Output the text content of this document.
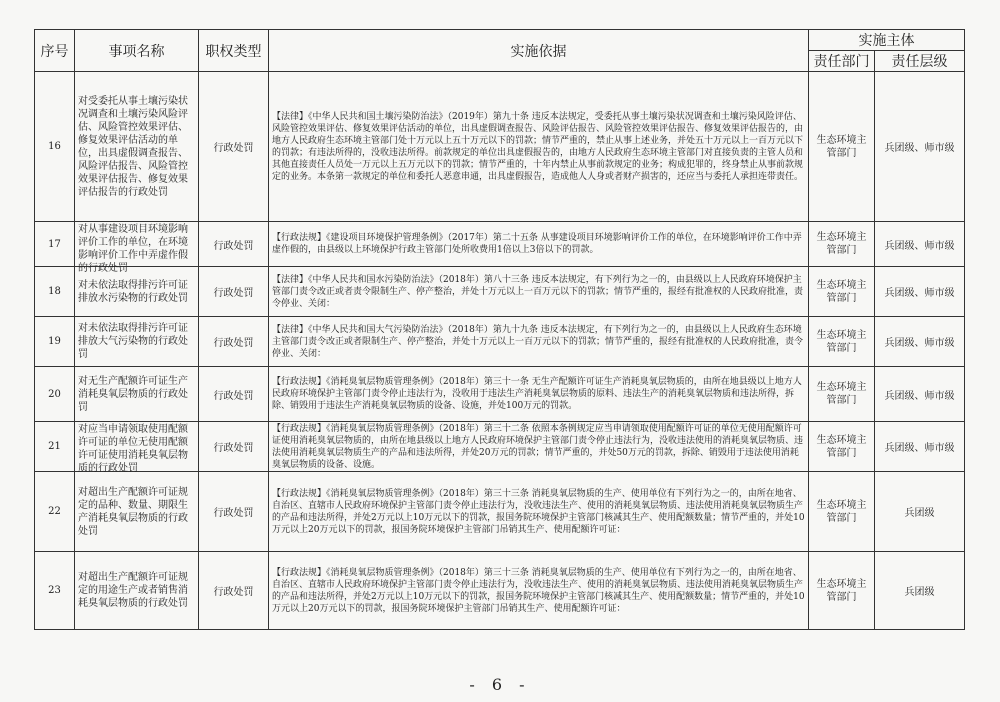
序号	事项名称	职权类型	实施依据	实施主体	
				责任部门	责任层级

16	对受委托从事土壤污染状况调查和土壤污染风险评估、风险管控效果评估、修复效果评估活动的单位，出具虚假调查报告、风险评估报告、风险管控效果评估报告、修复效果评估报告的行政处罚	行政处罚	【法律】《中华人民共和国土壤污染防治法》（2019年）第九十条 违反本法规定，受委托从事土壤污染状况调查和土壤污染风险评估、风险管控效果评估、修复效果评估活动的单位，出具虚假调查报告、风险评估报告、风险管控效果评估报告、修复效果评估报告的，由地方人民政府生态环境主管部门处十万元以上五十万元以下的罚款；情节严重的，禁止从事上述业务，并处五十万元以上一百万元以下的罚款；有违法所得的，没收违法所得。前款规定的单位出具虚假报告的，由地方人民政府生态环境主管部门对直接负责的主管人员和其他直接责任人员处一万元以上五万元以下的罚款；情节严重的，十年内禁止从事前款规定的业务；构成犯罪的，终身禁止从事前款规定的业务。本条第一款规定的单位和委托人恶意串通，出具虚假报告，造成他人人身或者财产损害的，还应当与委托人承担连带责任。	生态环境主管部门	兵团级、师市级

17	对从事建设项目环境影响评价工作的单位，在环境影响评价工作中弄虚作假的行政处罚	行政处罚	【行政法规】《建设项目环境保护管理条例》（2017年）第二十五条 从事建设项目环境影响评价工作的单位，在环境影响评价工作中弄虚作假的，由县级以上环境保护行政主管部门处所收费用1倍以上3倍以下的罚款。	生态环境主管部门	兵团级、师市级

18	对未依法取得排污许可证排放水污染物的行政处罚	行政处罚	【法律】《中华人民共和国水污染防治法》（2018年）第八十三条 违反本法规定，有下列行为之一的，由县级以上人民政府环境保护主管部门责令改正或者责令限制生产、停产整治，并处十万元以上一百万元以下的罚款；情节严重的，报经有批准权的人民政府批准，责令停业、关闭：	生态环境主管部门	兵团级、师市级

19	对未依法取得排污许可证排放大气污染物的行政处罚	行政处罚	【法律】《中华人民共和国大气污染防治法》（2018年）第九十九条 违反本法规定，有下列行为之一的，由县级以上人民政府生态环境主管部门责令改正或者限制生产、停产整治，并处十万元以上一百万元以下的罚款；情节严重的，报经有批准权的人民政府批准，责令停业、关闭：	生态环境主管部门	兵团级、师市级

20	对无生产配额许可证生产消耗臭氧层物质的行政处罚	行政处罚	【行政法规】《消耗臭氧层物质管理条例》（2018年）第三十一条 无生产配额许可证生产消耗臭氧层物质的，由所在地县级以上地方人民政府环境保护主管部门责令停止违法行为，没收用于违法生产消耗臭氧层物质的原料、违法生产的消耗臭氧层物质和违法所得，拆除、销毁用于违法生产消耗臭氧层物质的设备、设施，并处100万元的罚款。	生态环境主管部门	兵团级、师市级

21	对应当申请领取使用配额许可证的单位无使用配额许可证使用消耗臭氧层物质的行政处罚	行政处罚	【行政法规】《消耗臭氧层物质管理条例》（2018年）第三十二条 依照本条例规定应当申请领取使用配额许可证的单位无使用配额许可证使用消耗臭氧层物质的，由所在地县级以上地方人民政府环境保护主管部门责令停止违法行为，没收违法使用的消耗臭氧层物质、违法使用消耗臭氧层物质生产的产品和违法所得，并处20万元的罚款；情节严重的，并处50万元的罚款，拆除、销毁用于违法使用消耗臭氧层物质的设备、设施。	生态环境主管部门	兵团级、师市级

22	对超出生产配额许可证规定的品种、数量、期限生产消耗臭氧层物质的行政处罚	行政处罚	【行政法规】《消耗臭氧层物质管理条例》（2018年）第三十三条 消耗臭氧层物质的生产、使用单位有下列行为之一的，由所在地省、自治区、直辖市人民政府环境保护主管部门责令停止违法行为，没收违法生产、使用的消耗臭氧层物质、违法使用消耗臭氧层物质生产的产品和违法所得，并处2万元以上10万元以下的罚款，报国务院环境保护主管部门核减其生产、使用配额数量；情节严重的，并处10万元以上20万元以下的罚款，报国务院环境保护主管部门吊销其生产、使用配额许可证：	生态环境主管部门	兵团级

23	对超出生产配额许可证规定的用途生产或者销售消耗臭氧层物质的行政处罚	行政处罚	【行政法规】《消耗臭氧层物质管理条例》（2018年）第三十三条 消耗臭氧层物质的生产、使用单位有下列行为之一的，由所在地省、自治区、直辖市人民政府环境保护主管部门责令停止违法行为，没收违法生产、使用的消耗臭氧层物质、违法使用消耗臭氧层物质生产的产品和违法所得，并处2万元以上10万元以下的罚款，报国务院环境保护主管部门核减其生产、使用配额数量；情节严重的，并处10万元以上20万元以下的罚款，报国务院环境保护主管部门吊销其生产、使用配额许可证：	生态环境主管部门	兵团级
- 6 -
